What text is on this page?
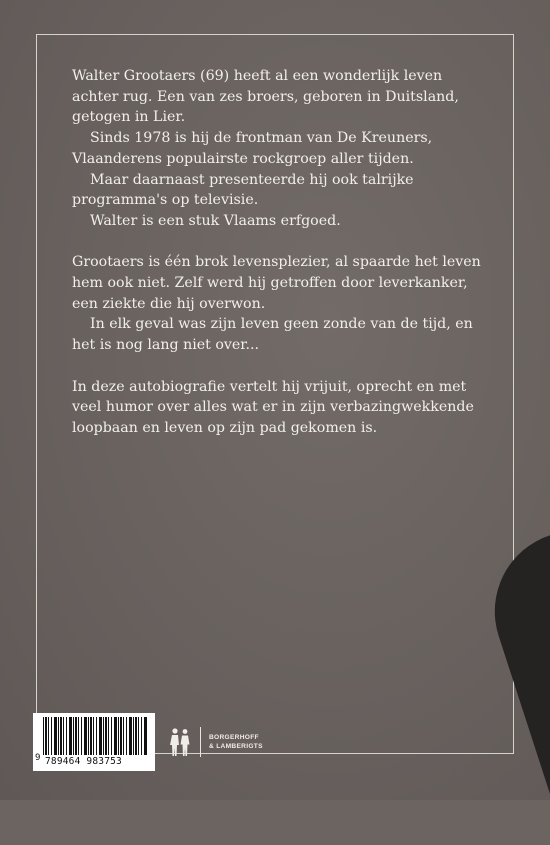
Walter Grootaers (69) heeft al een wonderlijk leven achter rug. Een van zes broers, geboren in Duitsland, getogen in Lier.

Sinds 1978 is hij de frontman van De Kreuners, Vlaanderens populairste rockgroep aller tijden.

Maar daarnaast presenteerde hij ook talrijke programma's op televisie.

Walter is een stuk Vlaams erfgoed.

Grootaers is één brok levensplezier, al spaarde het leven hem ook niet. Zelf werd hij getroffen door leverkanker, een ziekte die hij overwon.

In elk geval was zijn leven geen zonde van de tijd, en het is nog lang niet over...

In deze autobiografie vertelt hij vrijuit, oprecht en met veel humor over alles wat er in zijn verbazingwekkende loopbaan en leven op zijn pad gekomen is.

9 789464 983753
BORGERHOFF
& LAMBERIGTS
